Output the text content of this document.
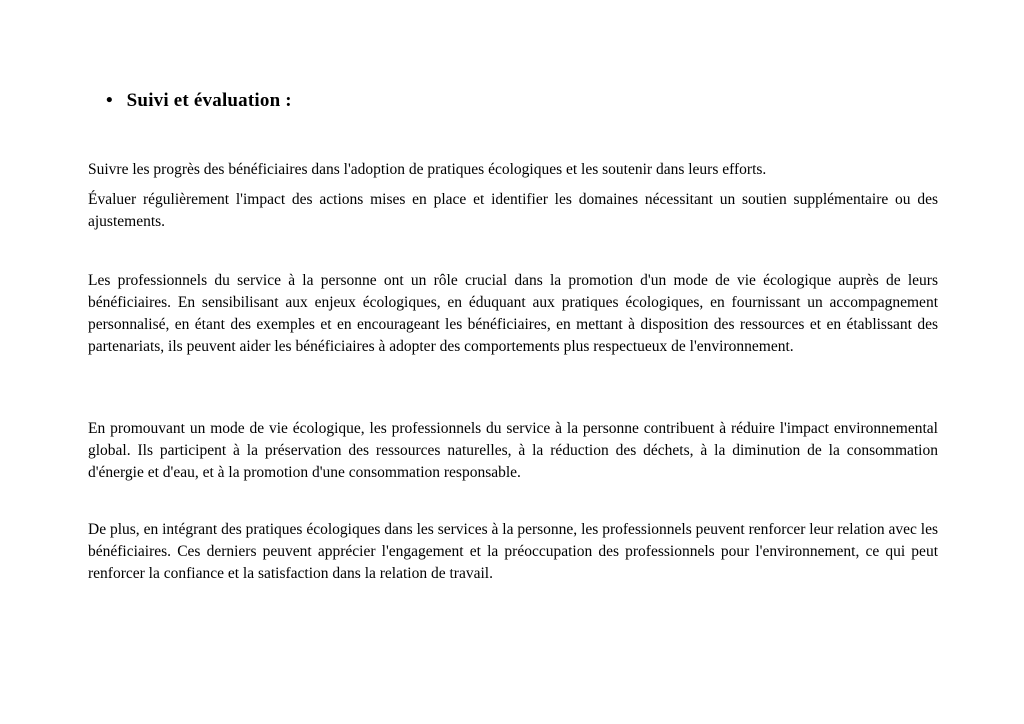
• Suivi et évaluation :

Suivre les progrès des bénéficiaires dans l'adoption de pratiques écologiques et les soutenir dans leurs efforts.

Évaluer régulièrement l'impact des actions mises en place et identifier les domaines nécessitant un soutien supplémentaire ou des ajustements.

Les professionnels du service à la personne ont un rôle crucial dans la promotion d'un mode de vie écologique auprès de leurs bénéficiaires. En sensibilisant aux enjeux écologiques, en éduquant aux pratiques écologiques, en fournissant un accompagnement personnalisé, en étant des exemples et en encourageant les bénéficiaires, en mettant à disposition des ressources et en établissant des partenariats, ils peuvent aider les bénéficiaires à adopter des comportements plus respectueux de l'environnement.

En promouvant un mode de vie écologique, les professionnels du service à la personne contribuent à réduire l'impact environnemental global. Ils participent à la préservation des ressources naturelles, à la réduction des déchets, à la diminution de la consommation d'énergie et d'eau, et à la promotion d'une consommation responsable.

De plus, en intégrant des pratiques écologiques dans les services à la personne, les professionnels peuvent renforcer leur relation avec les bénéficiaires. Ces derniers peuvent apprécier l'engagement et la préoccupation des professionnels pour l'environnement, ce qui peut renforcer la confiance et la satisfaction dans la relation de travail.
